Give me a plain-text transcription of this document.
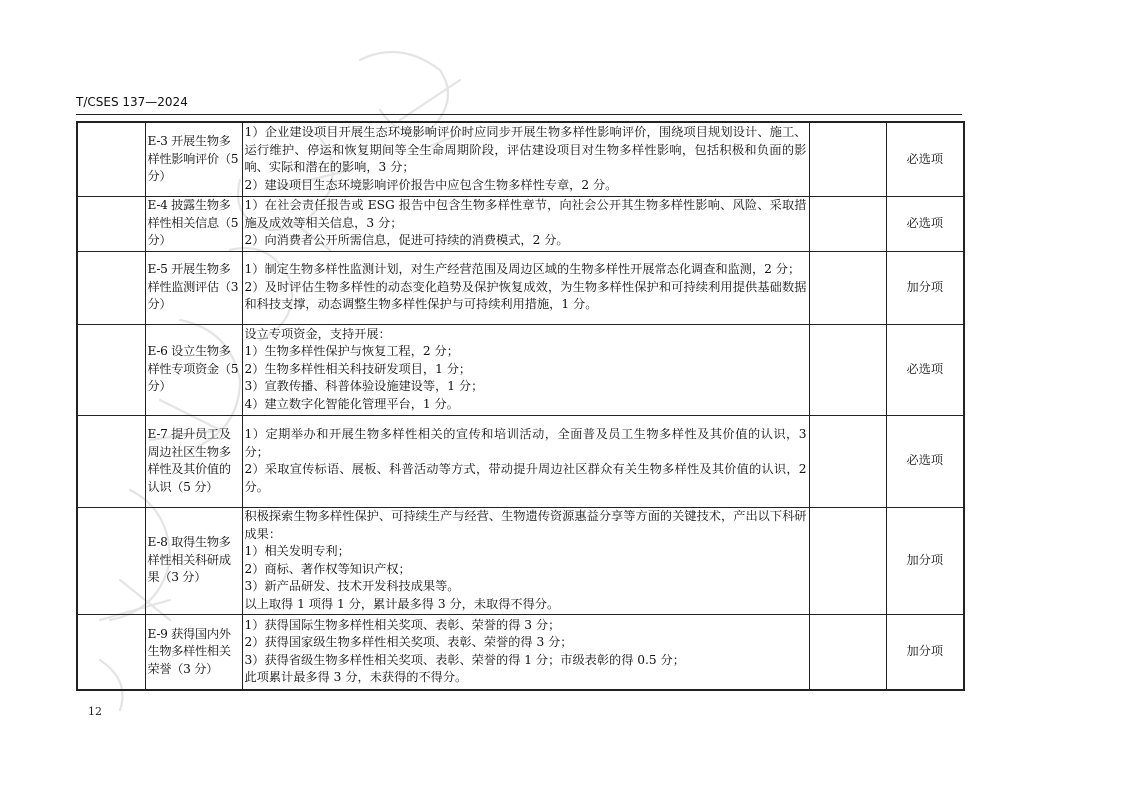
T/CSES 137—2024
	E-3 开展生物多样性影响评价（5 分）	1）企业建设项目开展生态环境影响评价时应同步开展生物多样性影响评价，围绕项目规划设计、施工、运行维护、停运和恢复期间等全生命周期阶段，评估建设项目对生物多样性影响，包括积极和负面的影响、实际和潜在的影响，3 分；
2）建设项目生态环境影响评价报告中应包含生物多样性专章，2 分。		必选项
	E-4 披露生物多样性相关信息（5 分）	1）在社会责任报告或 ESG 报告中包含生物多样性章节，向社会公开其生物多样性影响、风险、采取措施及成效等相关信息，3 分；
2）向消费者公开所需信息，促进可持续的消费模式，2 分。		必选项
	E-5 开展生物多样性监测评估（3 分）	1）制定生物多样性监测计划，对生产经营范围及周边区域的生物多样性开展常态化调查和监测，2 分；
2）及时评估生物多样性的动态变化趋势及保护恢复成效，为生物多样性保护和可持续利用提供基础数据和科技支撑，动态调整生物多样性保护与可持续利用措施，1 分。		加分项
	E-6 设立生物多样性专项资金（5 分）	设立专项资金，支持开展：
1）生物多样性保护与恢复工程，2 分；
2）生物多样性相关科技研发项目，1 分；
3）宣教传播、科普体验设施建设等，1 分；
4）建立数字化智能化管理平台，1 分。		必选项
	E-7 提升员工及周边社区生物多样性及其价值的认识（5 分）	1）定期举办和开展生物多样性相关的宣传和培训活动，全面普及员工生物多样性及其价值的认识，3 分；
2）采取宣传标语、展板、科普活动等方式，带动提升周边社区群众有关生物多样性及其价值的认识，2 分。		必选项
	E-8 取得生物多样性相关科研成果（3 分）	积极探索生物多样性保护、可持续生产与经营、生物遗传资源惠益分享等方面的关键技术，产出以下科研成果：
1）相关发明专利；
2）商标、著作权等知识产权；
3）新产品研发、技术开发科技成果等。
以上取得 1 项得 1 分，累计最多得 3 分，未取得不得分。		加分项
	E-9 获得国内外生物多样性相关荣誉（3 分）	1）获得国际生物多样性相关奖项、表彰、荣誉的得 3 分；
2）获得国家级生物多样性相关奖项、表彰、荣誉的得 3 分；
3）获得省级生物多样性相关奖项、表彰、荣誉的得 1 分；市级表彰的得 0.5 分；
此项累计最多得 3 分，未获得的不得分。		加分项
12
